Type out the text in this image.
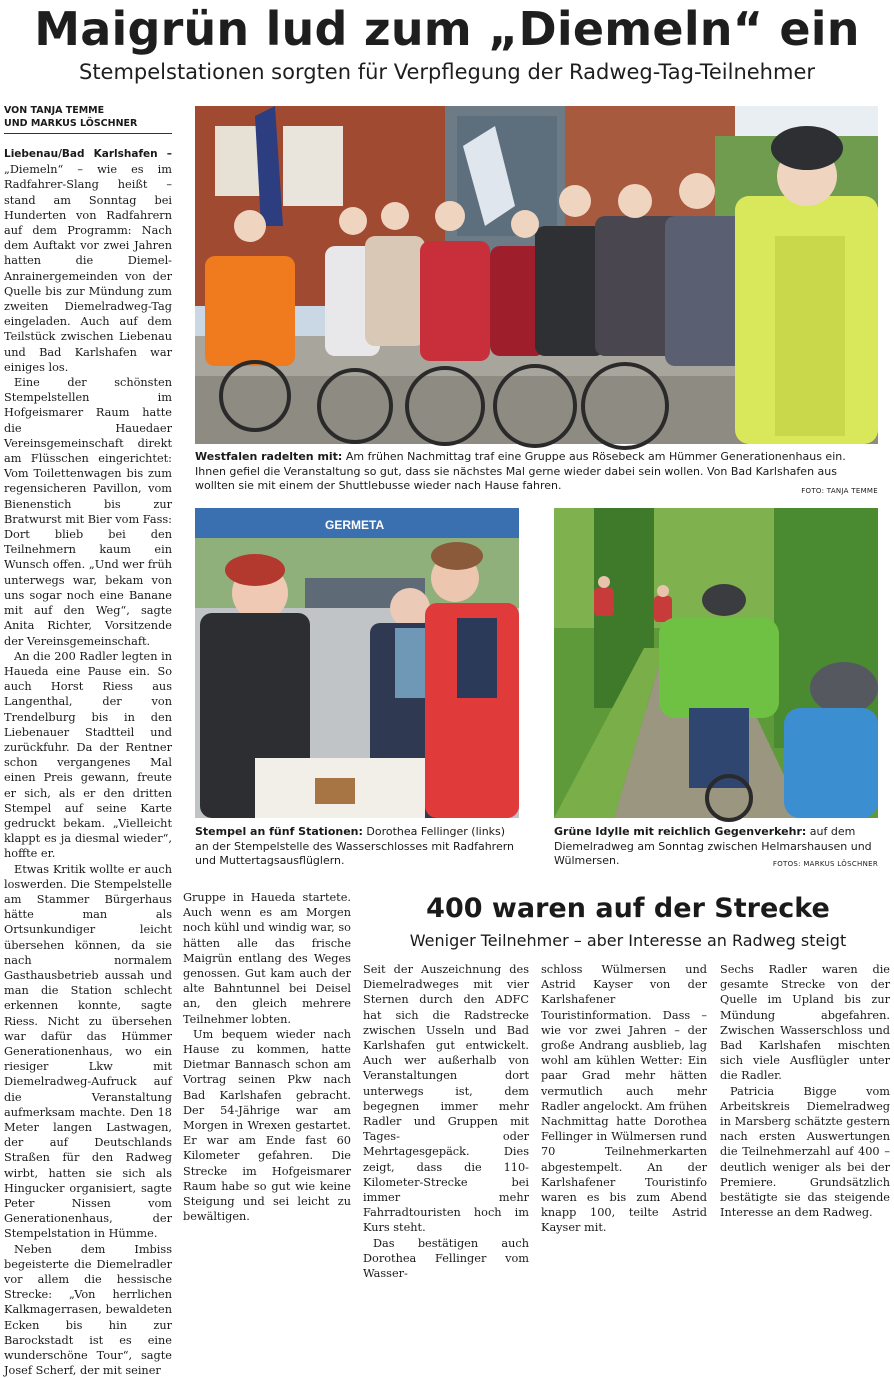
Maigrün lud zum „Diemeln“ ein
Stempelstationen sorgten für Verpflegung der Radweg-Tag-Teilnehmer
VON TANJA TEMME
UND MARKUS LÖSCHNER

Liebenau/Bad Karlshafen – „Diemeln“ – wie es im Radfahrer-Slang heißt – stand am Sonntag bei Hunderten von Radfahrern auf dem Programm: Nach dem Auftakt vor zwei Jahren hatten die Diemel-Anrainergemeinden von der Quelle bis zur Mündung zum zweiten Diemelradweg-Tag eingeladen. Auch auf dem Teilstück zwischen Liebenau und Bad Karlshafen war einiges los.

Eine der schönsten Stempelstellen im Hofgeismarer Raum hatte die Hauedaer Vereinsgemeinschaft direkt am Flüsschen eingerichtet: Vom Toilettenwagen bis zum regensicheren Pavillon, vom Bienenstich bis zur Bratwurst mit Bier vom Fass: Dort blieb bei den Teilnehmern kaum ein Wunsch offen. „Und wer früh unterwegs war, bekam von uns sogar noch eine Banane mit auf den Weg“, sagte Anita Richter, Vorsitzende der Vereinsgemeinschaft.

An die 200 Radler legten in Haueda eine Pause ein. So auch Horst Riess aus Langenthal, der von Trendelburg bis in den Liebenauer Stadtteil und zurückfuhr. Da der Rentner schon vergangenes Mal einen Preis gewann, freute er sich, als er den dritten Stempel auf seine Karte gedruckt bekam. „Vielleicht klappt es ja diesmal wieder“, hoffte er.

Etwas Kritik wollte er auch loswerden. Die Stempelstelle am Stammer Bürgerhaus hätte man als Ortsunkundiger leicht übersehen können, da sie nach normalem Gasthausbetrieb aussah und man die Station schlecht erkennen konnte, sagte Riess. Nicht zu übersehen war dafür das Hümmer Generationenhaus, wo ein riesiger Lkw mit Diemelradweg-Aufruck auf die Veranstaltung aufmerksam machte. Den 18 Meter langen Lastwagen, der auf Deutschlands Straßen für den Radweg wirbt, hatten sie sich als Hingucker organisiert, sagte Peter Nissen vom Generationenhaus, der Stempelstation in Hümme.

Neben dem Imbiss begeisterte die Diemelradler vor allem die hessische Strecke: „Von herrlichen Kalkmagerrasen, bewaldeten Ecken bis hin zur Barockstadt ist es eine wunderschöne Tour“, sagte Josef Scherf, der mit seiner

Gruppe in Haueda startete. Auch wenn es am Morgen noch kühl und windig war, so hätten alle das frische Maigrün entlang des Weges genossen. Gut kam auch der alte Bahntunnel bei Deisel an, den gleich mehrere Teilnehmer lobten.

Um bequem wieder nach Hause zu kommen, hatte Dietmar Bannasch schon am Vortrag seinen Pkw nach Bad Karlshafen gebracht. Der 54-Jährige war am Morgen in Wrexen gestartet. Er war am Ende fast 60 Kilometer gefahren. Die Strecke im Hofgeismarer Raum habe so gut wie keine Steigung und sei leicht zu bewältigen.

Westfalen radelten mit: Am frühen Nachmittag traf eine Gruppe aus Rösebeck am Hümmer Generationenhaus ein. Ihnen gefiel die Veranstaltung so gut, dass sie nächstes Mal gerne wieder dabei sein wollen. Von Bad Karlshafen aus wollten sie mit einem der Shuttlebusse wieder nach Hause fahren.	FOTO: TANJA TEMME
GERMETA
Stempel an fünf Stationen: Dorothea Fellinger (links) an der Stempelstelle des Wasserschlosses mit Radfahrern und Muttertagsausflüglern.
Grüne Idylle mit reichlich Gegenverkehr: auf dem Diemelradweg am Sonntag zwischen Helmarshausen und Wülmersen.	FOTOS: MARKUS LÖSCHNER
400 waren auf der Strecke
Weniger Teilnehmer – aber Interesse an Radweg steigt

Seit der Auszeichnung des Diemelradweges mit vier Sternen durch den ADFC hat sich die Radstrecke zwischen Usseln und Bad Karlshafen gut entwickelt. Auch wer außerhalb von Veranstaltungen dort unterwegs ist, dem begegnen immer mehr Radler und Gruppen mit Tages- oder Mehrtagesgepäck. Dies zeigt, dass die 110- Kilometer-Strecke bei immer mehr Fahrradtouristen hoch im Kurs steht.

Das bestätigen auch Dorothea Fellinger vom Wasser-

schloss Wülmersen und Astrid Kayser von der Karlshafener Touristinformation. Dass – wie vor zwei Jahren – der große Andrang ausblieb, lag wohl am kühlen Wetter: Ein paar Grad mehr hätten vermutlich auch mehr Radler angelockt. Am frühen Nachmittag hatte Dorothea Fellinger in Wülmersen rund 70 Teilnehmerkarten abgestempelt. An der Karlshafener Touristinfo waren es bis zum Abend knapp 100, teilte Astrid Kayser mit.

Sechs Radler waren die gesamte Strecke von der Quelle im Upland bis zur Mündung abgefahren. Zwischen Wasserschloss und Bad Karlshafen mischten sich viele Ausflügler unter die Radler.

Patricia Bigge vom Arbeitskreis Diemelradweg in Marsberg schätzte gestern nach ersten Auswertungen die Teilnehmerzahl auf 400 – deutlich weniger als bei der Premiere. Grundsätzlich bestätigte sie das steigende Interesse an dem Radweg.
